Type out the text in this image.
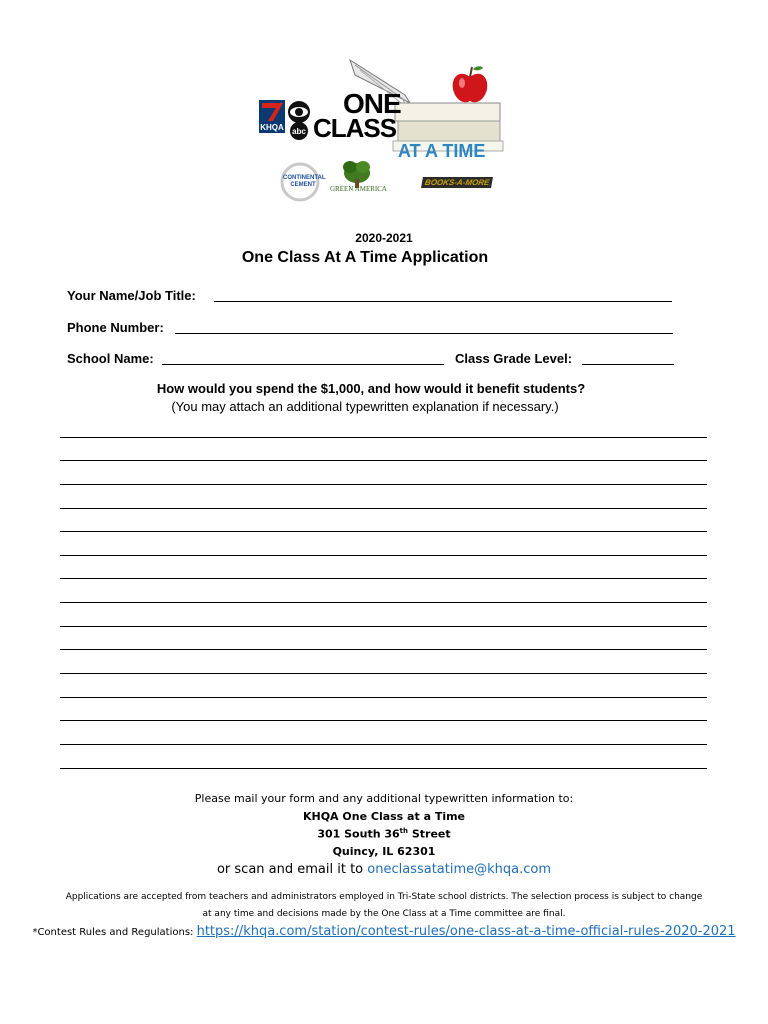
abc
ONE
CLASS
AT A TIME
KHQA
CONTINENTAL CEMENT	GREEN AMERICA
BOOKS-A-MORE
2020-2021
One Class At A Time Application
Your Name/Job Title:
Phone Number:
School Name:	Class Grade Level:
How would you spend the $1,000, and how would it benefit students?
(You may attach an additional typewritten explanation if necessary.)
Please mail your form and any additional typewritten information to:
KHQA One Class at a Time
301 South 36th Street
Quincy, IL 62301
or scan and email it to oneclassatatime@khqa.com
Applications are accepted from teachers and administrators employed in Tri-State school districts. The selection process is subject to change
at any time and decisions made by the One Class at a Time committee are final.
*Contest Rules and Regulations: https://khqa.com/station/contest-rules/one-class-at-a-time-official-rules-2020-2021
